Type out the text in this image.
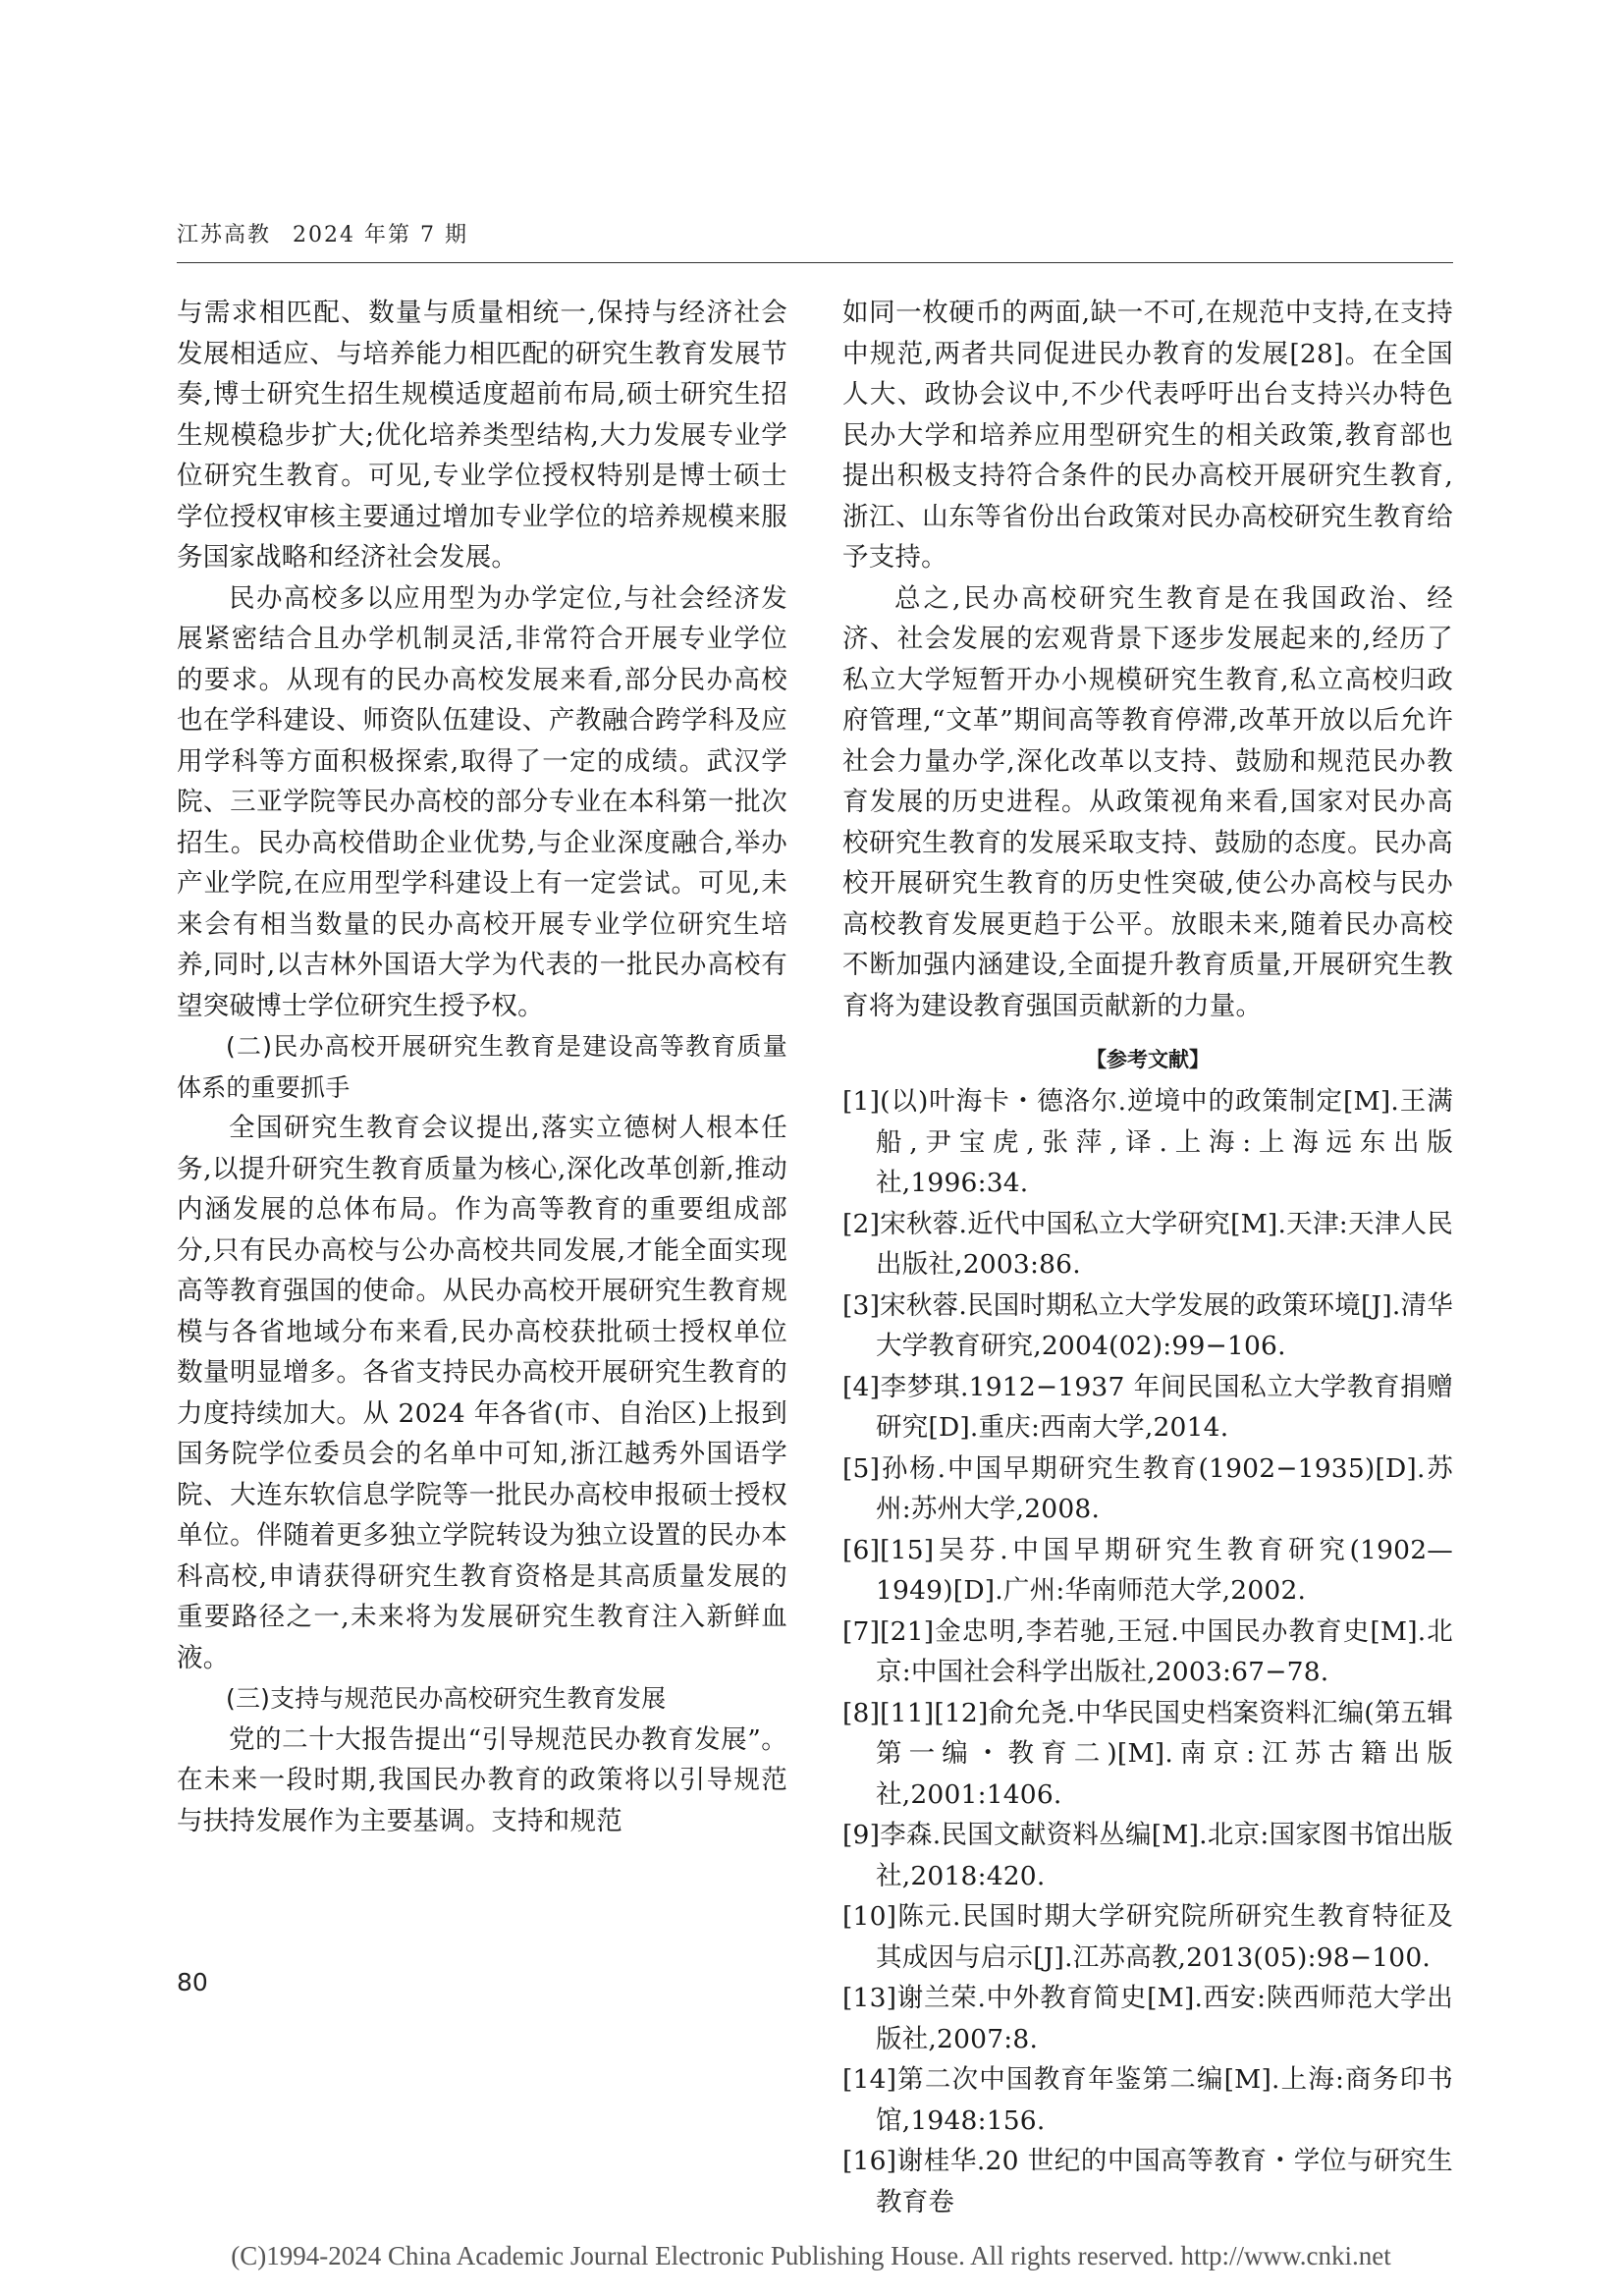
江苏高教 2024 年第 7 期

与需求相匹配、数量与质量相统一,保持与经济社会发展相适应、与培养能力相匹配的研究生教育发展节奏,博士研究生招生规模适度超前布局,硕士研究生招生规模稳步扩大;优化培养类型结构,大力发展专业学位研究生教育。可见,专业学位授权特别是博士硕士学位授权审核主要通过增加专业学位的培养规模来服务国家战略和经济社会发展。

民办高校多以应用型为办学定位,与社会经济发展紧密结合且办学机制灵活,非常符合开展专业学位的要求。从现有的民办高校发展来看,部分民办高校也在学科建设、师资队伍建设、产教融合跨学科及应用学科等方面积极探索,取得了一定的成绩。武汉学院、三亚学院等民办高校的部分专业在本科第一批次招生。民办高校借助企业优势,与企业深度融合,举办产业学院,在应用型学科建设上有一定尝试。可见,未来会有相当数量的民办高校开展专业学位研究生培养,同时,以吉林外国语大学为代表的一批民办高校有望突破博士学位研究生授予权。

(二)民办高校开展研究生教育是建设高等教育质量体系的重要抓手

全国研究生教育会议提出,落实立德树人根本任务,以提升研究生教育质量为核心,深化改革创新,推动内涵发展的总体布局。作为高等教育的重要组成部分,只有民办高校与公办高校共同发展,才能全面实现高等教育强国的使命。从民办高校开展研究生教育规模与各省地域分布来看,民办高校获批硕士授权单位数量明显增多。各省支持民办高校开展研究生教育的力度持续加大。从 2024 年各省(市、自治区)上报到国务院学位委员会的名单中可知,浙江越秀外国语学院、大连东软信息学院等一批民办高校申报硕士授权单位。伴随着更多独立学院转设为独立设置的民办本科高校,申请获得研究生教育资格是其高质量发展的重要路径之一,未来将为发展研究生教育注入新鲜血液。

(三)支持与规范民办高校研究生教育发展

党的二十大报告提出“引导规范民办教育发展”。在未来一段时期,我国民办教育的政策将以引导规范与扶持发展作为主要基调。支持和规范

如同一枚硬币的两面,缺一不可,在规范中支持,在支持中规范,两者共同促进民办教育的发展[28]。在全国人大、政协会议中,不少代表呼吁出台支持兴办特色民办大学和培养应用型研究生的相关政策,教育部也提出积极支持符合条件的民办高校开展研究生教育,浙江、山东等省份出台政策对民办高校研究生教育给予支持。

总之,民办高校研究生教育是在我国政治、经济、社会发展的宏观背景下逐步发展起来的,经历了私立大学短暂开办小规模研究生教育,私立高校归政府管理,“文革”期间高等教育停滞,改革开放以后允许社会力量办学,深化改革以支持、鼓励和规范民办教育发展的历史进程。从政策视角来看,国家对民办高校研究生教育的发展采取支持、鼓励的态度。民办高校开展研究生教育的历史性突破,使公办高校与民办高校教育发展更趋于公平。放眼未来,随着民办高校不断加强内涵建设,全面提升教育质量,开展研究生教育将为建设教育强国贡献新的力量。

【参考文献】

[1](以)叶海卡・德洛尔.逆境中的政策制定[M].王满船,尹宝虎,张萍,译.上海:上海远东出版社,1996:34.

[2]宋秋蓉.近代中国私立大学研究[M].天津:天津人民出版社,2003:86.

[3]宋秋蓉.民国时期私立大学发展的政策环境[J].清华大学教育研究,2004(02):99−106.

[4]李梦琪.1912−1937 年间民国私立大学教育捐赠研究[D].重庆:西南大学,2014.

[5]孙杨.中国早期研究生教育(1902−1935)[D].苏州:苏州大学,2008.

[6][15]吴芬.中国早期研究生教育研究(1902—1949)[D].广州:华南师范大学,2002.

[7][21]金忠明,李若驰,王冠.中国民办教育史[M].北京:中国社会科学出版社,2003:67−78.

[8][11][12]俞允尧.中华民国史档案资料汇编(第五辑第一编・教育二)[M].南京:江苏古籍出版社,2001:1406.

[9]李森.民国文献资料丛编[M].北京:国家图书馆出版社,2018:420.

[10]陈元.民国时期大学研究院所研究生教育特征及其成因与启示[J].江苏高教,2013(05):98−100.

[13]谢兰荣.中外教育简史[M].西安:陕西师范大学出版社,2007:8.

[14]第二次中国教育年鉴第二编[M].上海:商务印书馆,1948:156.

[16]谢桂华.20 世纪的中国高等教育・学位与研究生教育卷

80
(C)1994-2024 China Academic Journal Electronic Publishing House. All rights reserved. http://www.cnki.net
